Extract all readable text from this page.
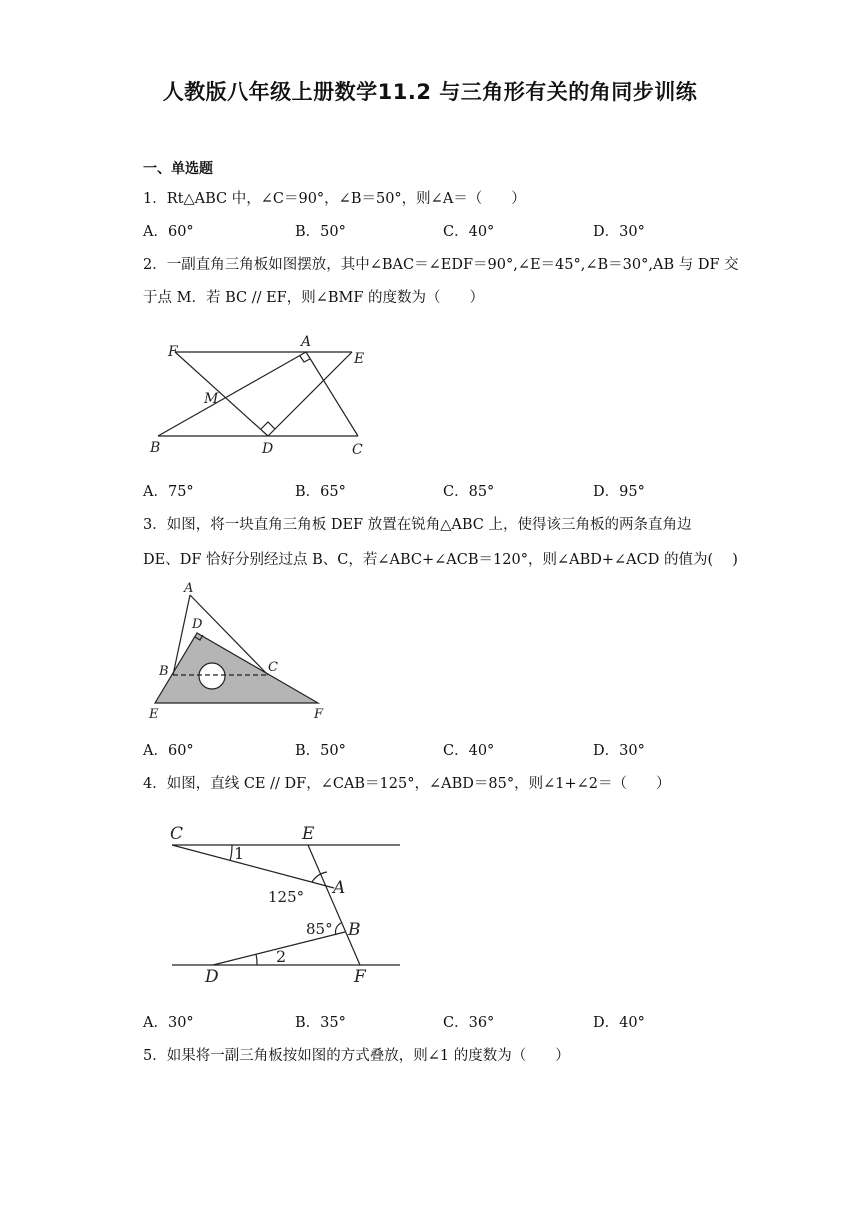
人教版八年级上册数学11.2 与三角形有关的角同步训练
一、单选题
1．Rt△ABC 中，∠C＝90°，∠B＝50°，则∠A＝（　　）
A．60°	B．50°	C．40°	D．30°
2．一副直角三角板如图摆放，其中∠BAC＝∠EDF＝90°,∠E＝45°,∠B＝30°,AB 与 DF 交
于点 M．若 BC // EF，则∠BMF 的度数为（　　）
F
A
E
M
B	D	C
A．75°	B．65°	C．85°	D．95°
3．如图，将一块直角三角板 DEF 放置在锐角△ABC 上，使得该三角板的两条直角边
DE、DF 恰好分别经过点 B、C，若∠ABC+∠ACB＝120°，则∠ABD+∠ACD 的值为(　 )
A
D
B	C
E	F
A．60°	B．50°	C．40°	D．30°
4．如图，直线 CE // DF，∠CAB＝125°，∠ABD＝85°，则∠1+∠2＝（　　）
C	E
1
125° A
85° B
D
2
F
A．30°	B．35°	C．36°	D．40°
5．如果将一副三角板按如图的方式叠放，则∠1 的度数为（　　）
